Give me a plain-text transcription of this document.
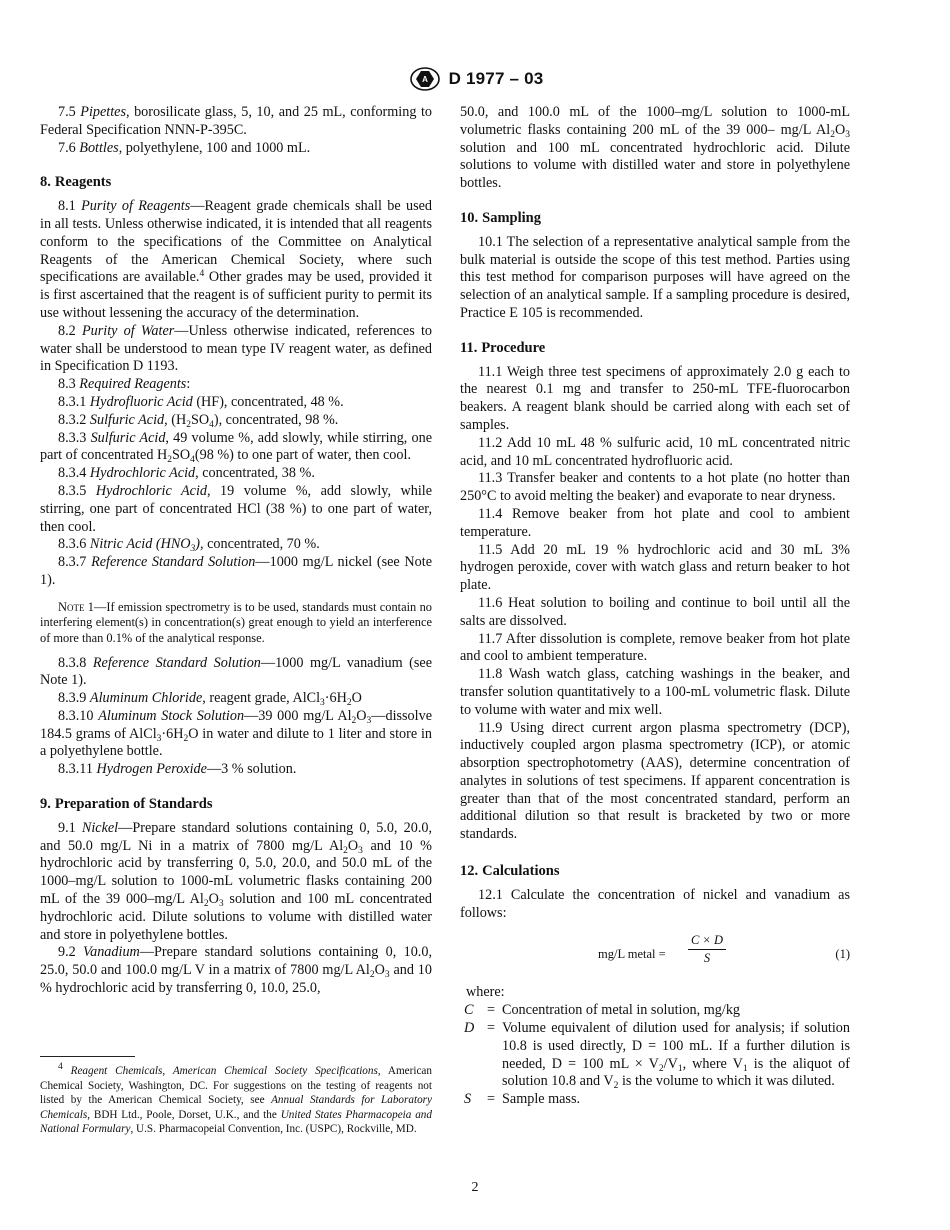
A D 1977 – 03

7.5 Pipettes, borosilicate glass, 5, 10, and 25 mL, conforming to Federal Specification NNN-P-395C.

7.6 Bottles, polyethylene, 100 and 1000 mL.

8. Reagents

8.1 Purity of Reagents—Reagent grade chemicals shall be used in all tests. Unless otherwise indicated, it is intended that all reagents conform to the specifications of the Committee on Analytical Reagents of the American Chemical Society, where such specifications are available.$^4$ Other grades may be used, provided it is first ascertained that the reagent is of sufficient purity to permit its use without lessening the accuracy of the determination.

8.2 Purity of Water—Unless otherwise indicated, references to water shall be understood to mean type IV reagent water, as defined in Specification D 1193.

8.3 Required Reagents:

8.3.1 Hydrofluoric Acid (HF), concentrated, 48 %.

8.3.2 Sulfuric Acid, $(H_2SO_4)$, concentrated, 98 %.

8.3.3 Sulfuric Acid, 49 volume %, add slowly, while stirring, one part of concentrated $H_2SO_4(98$ %) to one part of water, then cool.

8.3.4 Hydrochloric Acid, concentrated, 38 %.

8.3.5 Hydrochloric Acid, 19 volume %, add slowly, while stirring, one part of concentrated HCl (38 %) to one part of water, then cool.

8.3.6 Nitric Acid $(HNO_3)$, concentrated, 70 %.

8.3.7 Reference Standard Solution—1000 mg/L nickel (see Note 1).

Note 1—If emission spectrometry is to be used, standards must contain no interfering element(s) in concentration(s) great enough to yield an interference of more than 0.1% of the analytical response.

8.3.8 Reference Standard Solution—1000 mg/L vanadium (see Note 1).

8.3.9 Aluminum Chloride, reagent grade, $AlCl_3\cdot 6H_2O$

8.3.10 Aluminum Stock Solution—39 000 mg/L $Al_2O_3—dissolve$ 184.5 grams of $AlCl_3\cdot 6H_2O$ in water and dilute to 1 liter and store in a polyethylene bottle.

8.3.11 Hydrogen Peroxide—3 % solution.

9. Preparation of Standards

9.1 Nickel—Prepare standard solutions containing 0, 5.0, 20.0, and 50.0 mg/L Ni in a matrix of 7800 mg/L $Al_2O_3$ and 10 % hydrochloric acid by transferring 0, 5.0, 20.0, and 50.0 mL of the 1000–mg/L solution to 1000-mL volumetric flasks containing 200 mL of the 39 000–mg/L $Al_2O_3$ solution and 100 mL concentrated hydrochloric acid. Dilute solutions to volume with distilled water and store in polyethylene bottles.

9.2 Vanadium—Prepare standard solutions containing 0, 10.0, 25.0, 50.0 and 100.0 mg/L V in a matrix of 7800 mg/L $Al_2O_3$ and 10 % hydrochloric acid by transferring 0, 10.0, 25.0,

$^4$ Reagent Chemicals, American Chemical Society Specifications, American Chemical Society, Washington, DC. For suggestions on the testing of reagents not listed by the American Chemical Society, see Annual Standards for Laboratory Chemicals, BDH Ltd., Poole, Dorset, U.K., and the United States Pharmacopeia and National Formulary, U.S. Pharmacopeial Convention, Inc. (USPC), Rockville, MD.

50.0, and 100.0 mL of the 1000–mg/L solution to 1000-mL volumetric flasks containing 200 mL of the 39 000– mg/L $Al_2O_3$ solution and 100 mL concentrated hydrochloric acid. Dilute solutions to volume with distilled water and store in polyethylene bottles.

10. Sampling

10.1 The selection of a representative analytical sample from the bulk material is outside the scope of this test method. Parties using this test method for comparison purposes will have agreed on the selection of an analytical sample. If a sampling procedure is desired, Practice E 105 is recommended.

11. Procedure

11.1 Weigh three test specimens of approximately 2.0 g each to the nearest 0.1 mg and transfer to 250-mL TFE-fluorocarbon beakers. A reagent blank should be carried along with each set of samples.

11.2 Add 10 mL 48 % sulfuric acid, 10 mL concentrated nitric acid, and 10 mL concentrated hydrofluoric acid.

11.3 Transfer beaker and contents to a hot plate (no hotter than 250°C to avoid melting the beaker) and evaporate to near dryness.

11.4 Remove beaker from hot plate and cool to ambient temperature.

11.5 Add 20 mL 19 % hydrochloric acid and 30 mL 3% hydrogen peroxide, cover with watch glass and return beaker to hot plate.

11.6 Heat solution to boiling and continue to boil until all the salts are dissolved.

11.7 After dissolution is complete, remove beaker from hot plate and cool to ambient temperature.

11.8 Wash watch glass, catching washings in the beaker, and transfer solution quantitatively to a 100-mL volumetric flask. Dilute to volume with water and mix well.

11.9 Using direct current argon plasma spectrometry (DCP), inductively coupled argon plasma spectrometry (ICP), or atomic absorption spectrophotometry (AAS), determine concentration of analytes in solutions of test specimens. If apparent concentration is greater than that of the most concentrated standard, perform an additional dilution so that result is bracketed by two or more standards.

12. Calculations

12.1 Calculate the concentration of nickel and vanadium as follows:

mg/L metal =
C × D
S	(1)
where:
C = Concentration of metal in solution, mg/kg
D = Volume equivalent of dilution used for analysis; if solution 10.8 is used directly, D = 100 mL. If a further dilution is needed, D = 100 mL × $V_2/V_1$, where $V_1$ is the aliquot of solution 10.8 and $V_2$ is the volume to which it was diluted.
S	= Sample mass.
2
